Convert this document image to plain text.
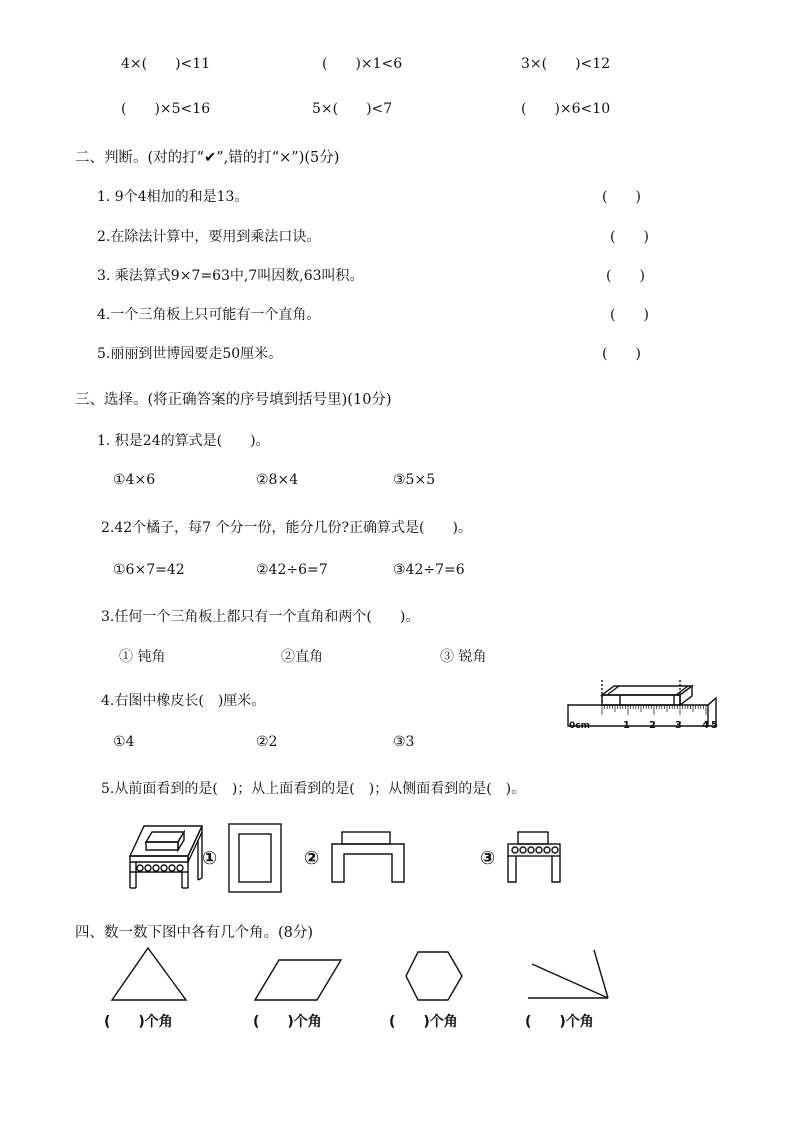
4×(　　)<11	(　　)×1<6	3×(　　)<12
(　　)×5<16	5×(　　)<7	(　　)×6<10
二、判断。(对的打“✔”,错的打“×”)(5分)
1. 9个4相加的和是13。	(　　)
2.在除法计算中，要用到乘法口诀。	(　　)
3. 乘法算式9×7=63中,7叫因数,63叫积。	(　　)
4.一个三角板上只可能有一个直角。	(　　)
5.丽丽到世博园要走50厘米。	(　　)
三、选择。(将正确答案的序号填到括号里)(10分)
1. 积是24的算式是(　　)。
①4×6	②8×4	③5×5
2.42个橘子，每7 个分一份，能分几份?正确算式是(　　)。
①6×7=42	②42÷6=7	③42÷7=6
3.任何一个三角板上都只有一个直角和两个(　　)。
① 钝角	②直角	③ 锐角
4.右图中橡皮长(　)厘米。
①4	②2	③3
0cm	1 2 3 4 5
5.从前面看到的是(　)；从上面看到的是(　)；从侧面看到的是(　)。
①	②	③
四、数一数下图中各有几个角。(8分)
(　　)个角	(　　)个角	(　　)个角	(　　)个角
